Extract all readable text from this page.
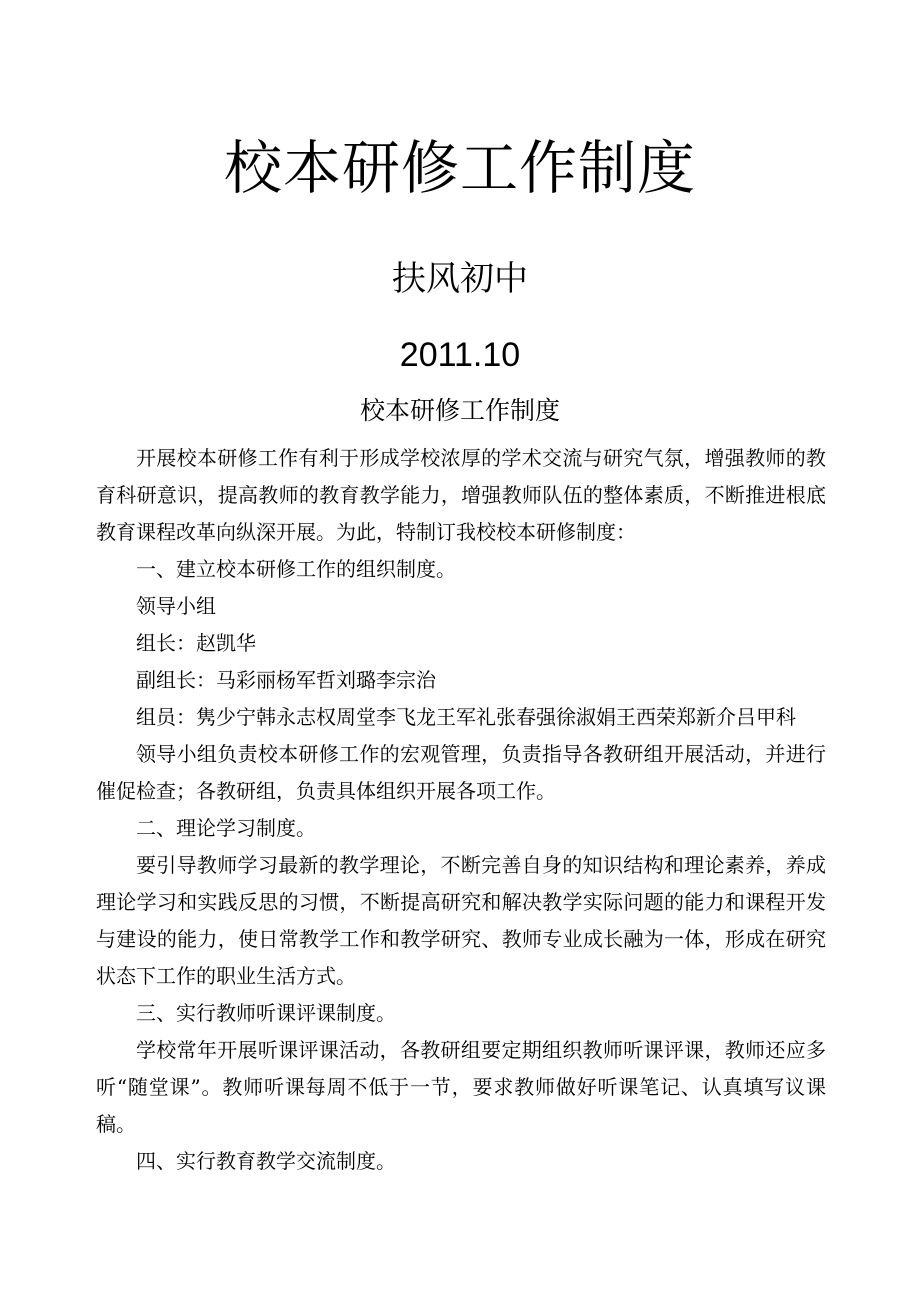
校本研修工作制度
扶风初中
2011.10
校本研修工作制度

开展校本研修工作有利于形成学校浓厚的学术交流与研究气氛，增强教师的教育科研意识，提高教师的教育教学能力，增强教师队伍的整体素质，不断推进根底教育课程改革向纵深开展。为此，特制订我校校本研修制度：

一、建立校本研修工作的组织制度。

领导小组

组长：赵凯华

副组长：马彩丽杨军哲刘璐李宗治

组员：隽少宁韩永志权周堂李飞龙王军礼张春强徐淑娟王西荣郑新介吕甲科

领导小组负责校本研修工作的宏观管理，负责指导各教研组开展活动，并进行催促检查；各教研组，负责具体组织开展各项工作。

二、理论学习制度。

要引导教师学习最新的教学理论，不断完善自身的知识结构和理论素养，养成理论学习和实践反思的习惯，不断提高研究和解决教学实际问题的能力和课程开发与建设的能力，使日常教学工作和教学研究、教师专业成长融为一体，形成在研究状态下工作的职业生活方式。

三、实行教师听课评课制度。

学校常年开展听课评课活动，各教研组要定期组织教师听课评课，教师还应多听“随堂课”。教师听课每周不低于一节，要求教师做好听课笔记、认真填写议课稿。

四、实行教育教学交流制度。
